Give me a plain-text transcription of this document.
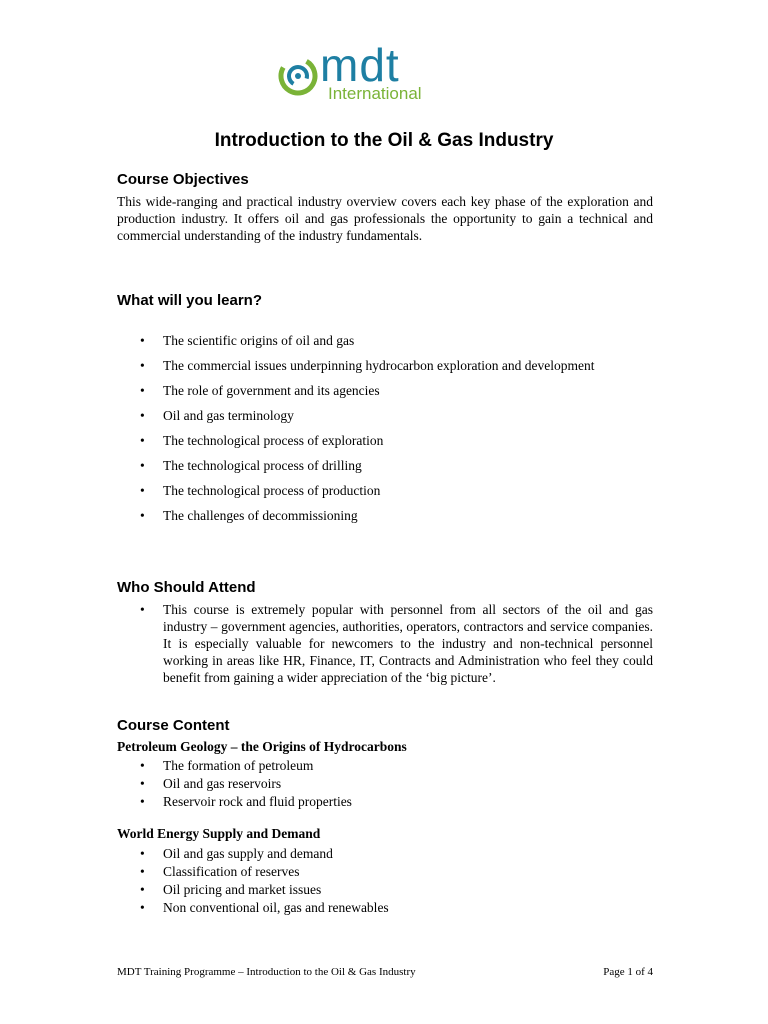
mdt
International
Introduction to the Oil & Gas Industry
Course Objectives

This wide-ranging and practical industry overview covers each key phase of the exploration and production industry. It offers oil and gas professionals the opportunity to gain a technical and commercial understanding of the industry fundamentals.

What will you learn?
• The scientific origins of oil and gas
• The commercial issues underpinning hydrocarbon exploration and development
• The role of government and its agencies
• Oil and gas terminology
• The technological process of exploration
• The technological process of drilling
• The technological process of production
• The challenges of decommissioning
Who Should Attend
• This course is extremely popular with personnel from all sectors of the oil and gas industry – government agencies, authorities, operators, contractors and service companies. It is especially valuable for newcomers to the industry and non-technical personnel working in areas like HR, Finance, IT, Contracts and Administration who feel they could benefit from gaining a wider appreciation of the ‘big picture’.
Course Content
Petroleum Geology – the Origins of Hydrocarbons
• The formation of petroleum
• Oil and gas reservoirs
• Reservoir rock and fluid properties
World Energy Supply and Demand
• Oil and gas supply and demand
• Classification of reserves
• Oil pricing and market issues
• Non conventional oil, gas and renewables
MDT Training Programme – Introduction to the Oil & Gas Industry	Page 1 of 4
